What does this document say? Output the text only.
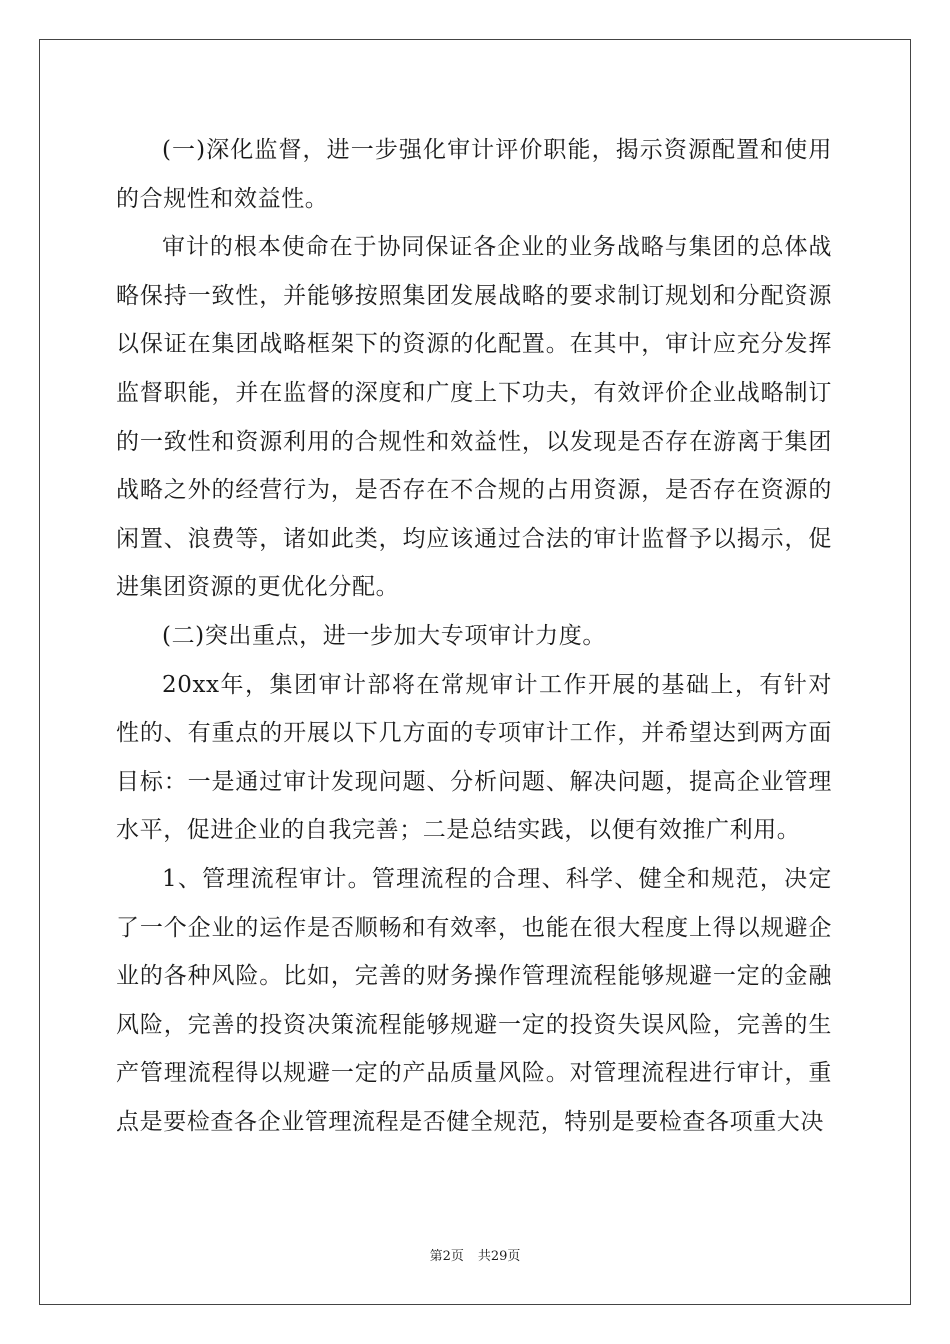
(一)深化监督，进一步强化审计评价职能，揭示资源配置和使用的合规性和效益性。

审计的根本使命在于协同保证各企业的业务战略与集团的总体战略保持一致性，并能够按照集团发展战略的要求制订规划和分配资源以保证在集团战略框架下的资源的化配置。在其中，审计应充分发挥监督职能，并在监督的深度和广度上下功夫，有效评价企业战略制订的一致性和资源利用的合规性和效益性，以发现是否存在游离于集团战略之外的经营行为，是否存在不合规的占用资源，是否存在资源的闲置、浪费等，诸如此类，均应该通过合法的审计监督予以揭示，促进集团资源的更优化分配。

(二)突出重点，进一步加大专项审计力度。

20xx年，集团审计部将在常规审计工作开展的基础上，有针对性的、有重点的开展以下几方面的专项审计工作，并希望达到两方面目标：一是通过审计发现问题、分析问题、解决问题，提高企业管理水平，促进企业的自我完善；二是总结实践，以便有效推广利用。

1、管理流程审计。管理流程的合理、科学、健全和规范，决定了一个企业的运作是否顺畅和有效率，也能在很大程度上得以规避企业的各种风险。比如，完善的财务操作管理流程能够规避一定的金融风险，完善的投资决策流程能够规避一定的投资失误风险，完善的生产管理流程得以规避一定的产品质量风险。对管理流程进行审计，重点是要检查各企业管理流程是否健全规范，特别是要检查各项重大决

第2页 共29页
